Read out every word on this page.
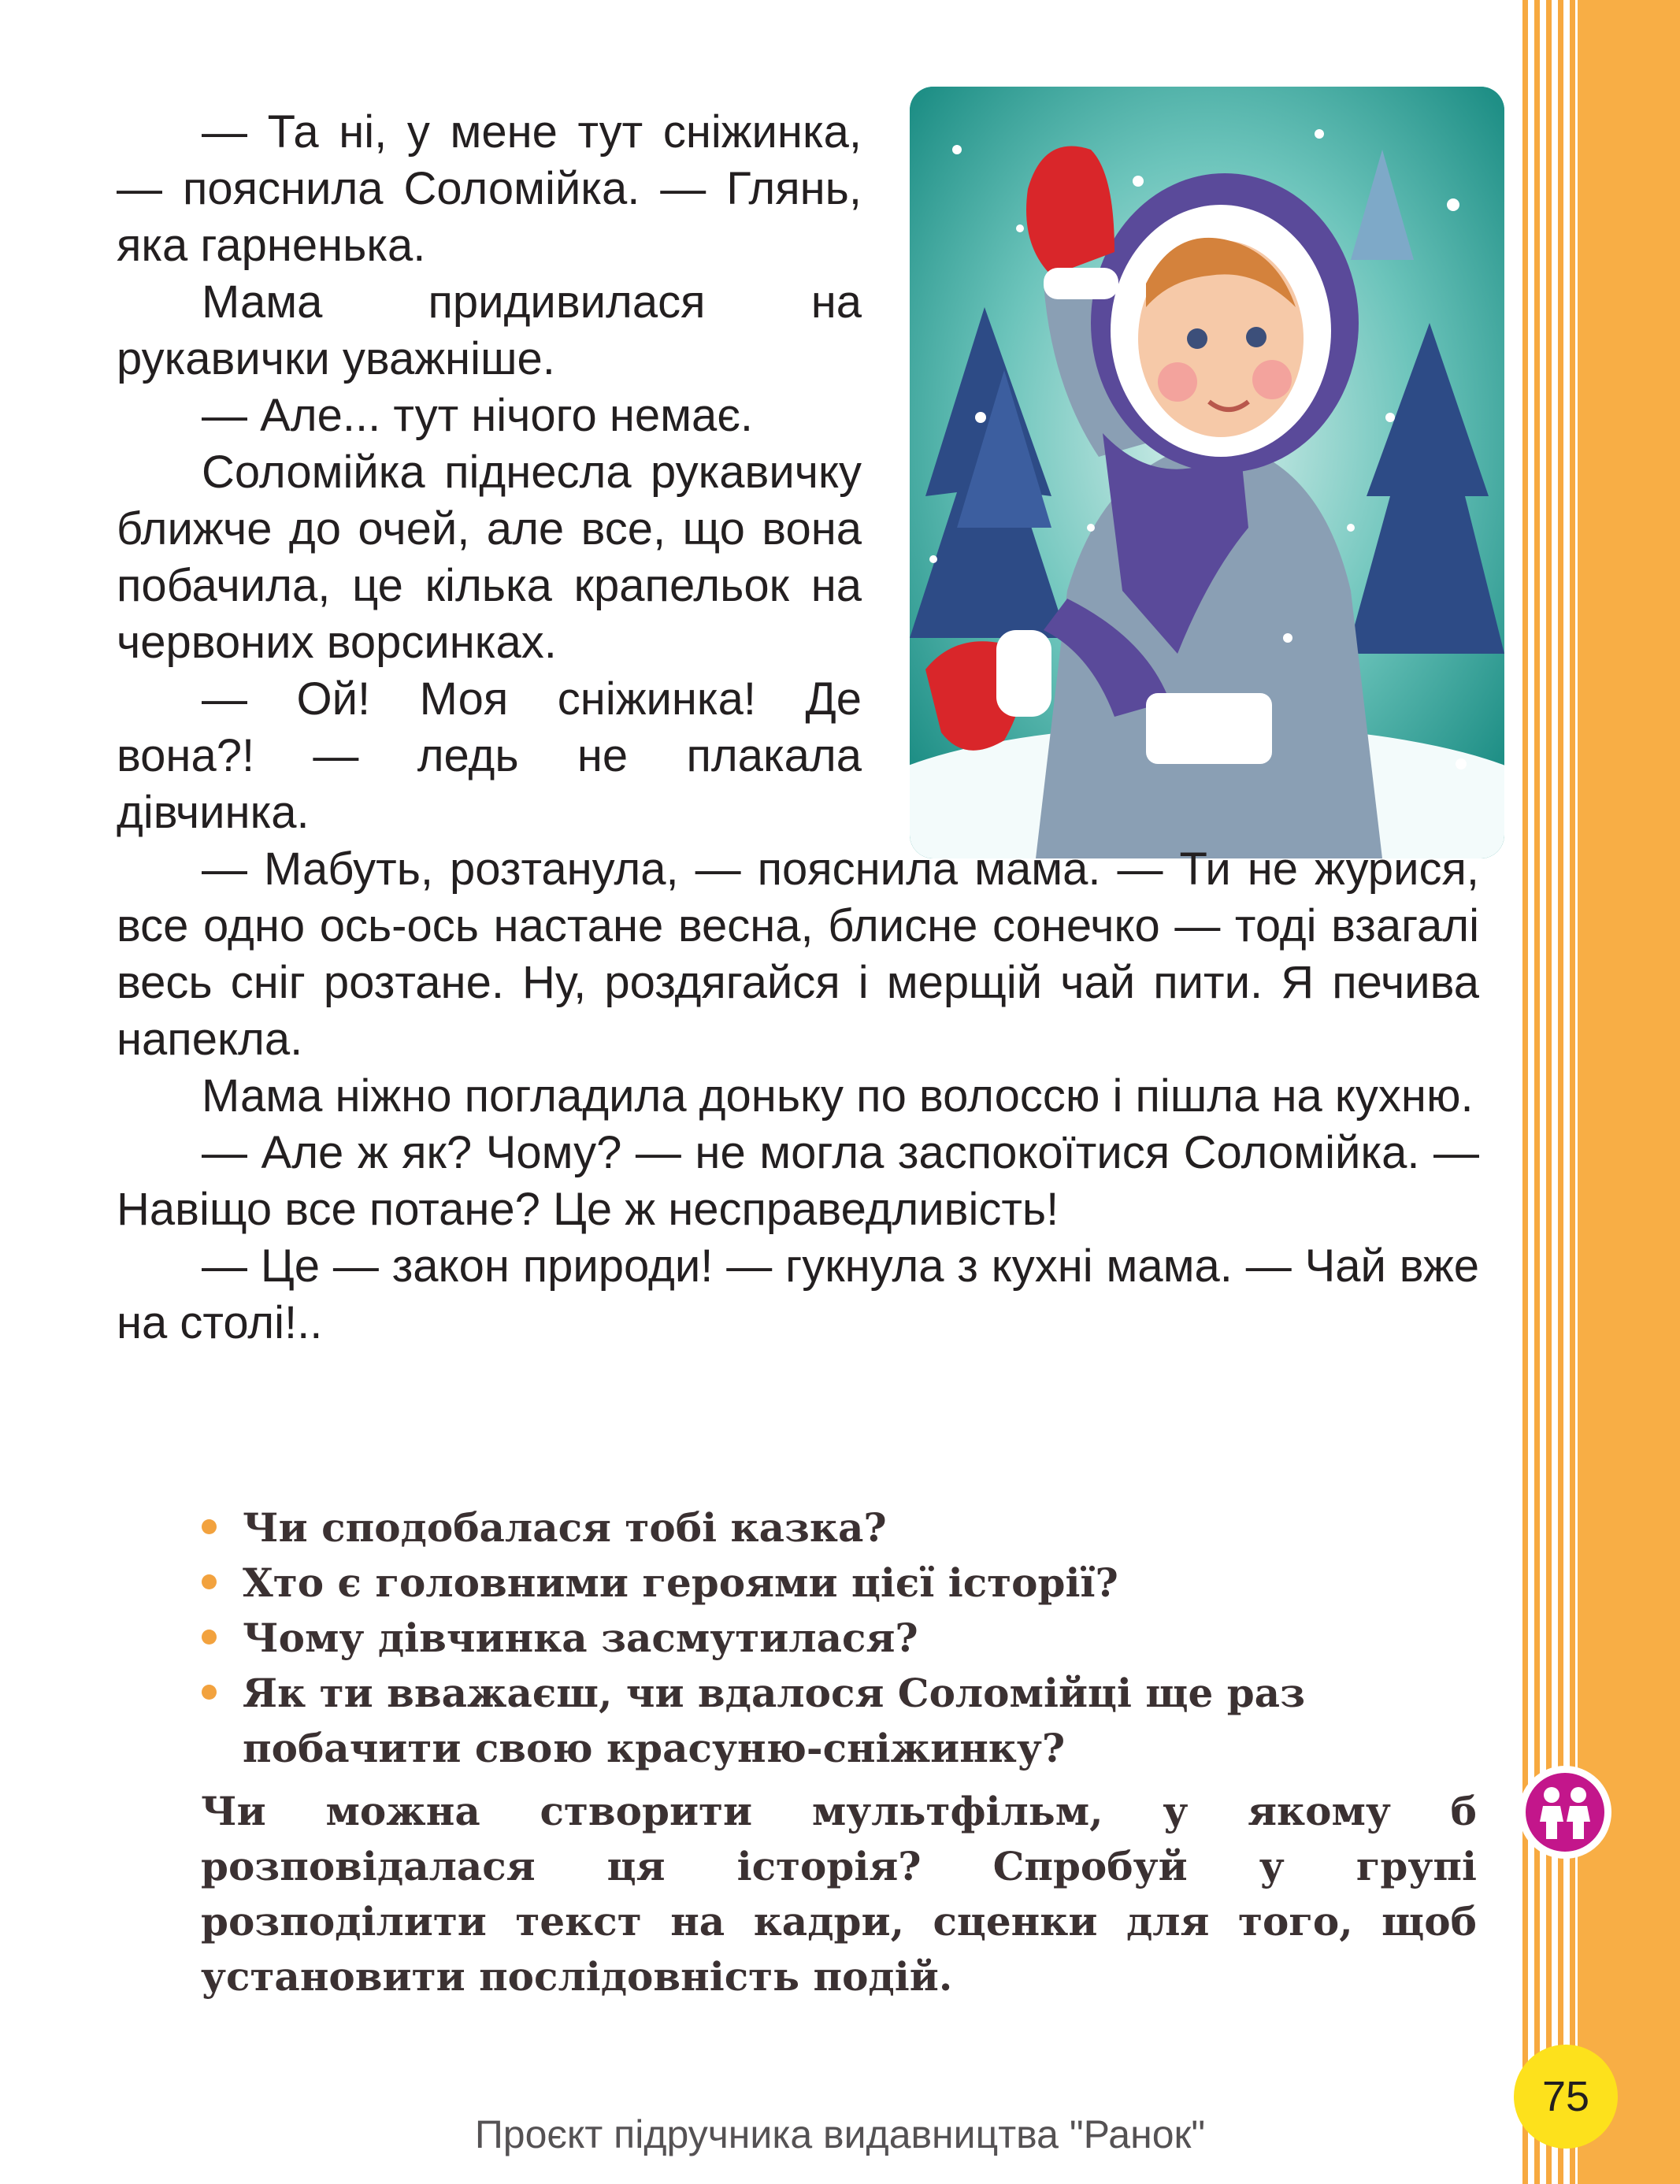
— Та ні, у мене тут сніжинка, — пояснила Соломійка. — Глянь, яка гарненька.

Мама придивилася на рукавички уважніше.

— Але... тут нічого немає.

Соломійка піднесла рукавичку ближче до очей, але все, що вона побачила, це кілька крапельок на червоних ворсинках.

— Ой! Моя сніжинка! Де вона?! — ледь не плакала дівчинка.

— Мабуть, розтанула, — пояснила мама. — Ти не журися, все одно ось-ось настане весна, блисне сонечко — тоді взагалі весь сніг розтане. Ну, роздягайся і мерщій чай пити. Я печива напекла.

Мама ніжно погладила доньку по волоссю і пішла на кухню.

— Але ж як? Чому? — не могла заспокоїтися Соломійка. — Навіщо все потане? Це ж несправедливість!

— Це — закон природи! — гукнула з кухні мама. — Чай вже на столі!..

Чи сподобалася тобі казка?
Хто є головними героями цієї історії?
Чому дівчинка засмутилася?
Як ти вважаєш, чи вдалося Соломійці ще раз побачити свою красуню-сніжинку?

Чи можна створити мультфільм, у якому б розповідалася ця історія? Спробуй у групі розподілити текст на кадри, сценки для того, щоб установити послідовність подій.

75
Проєкт підручника видавництва "Ранок"
